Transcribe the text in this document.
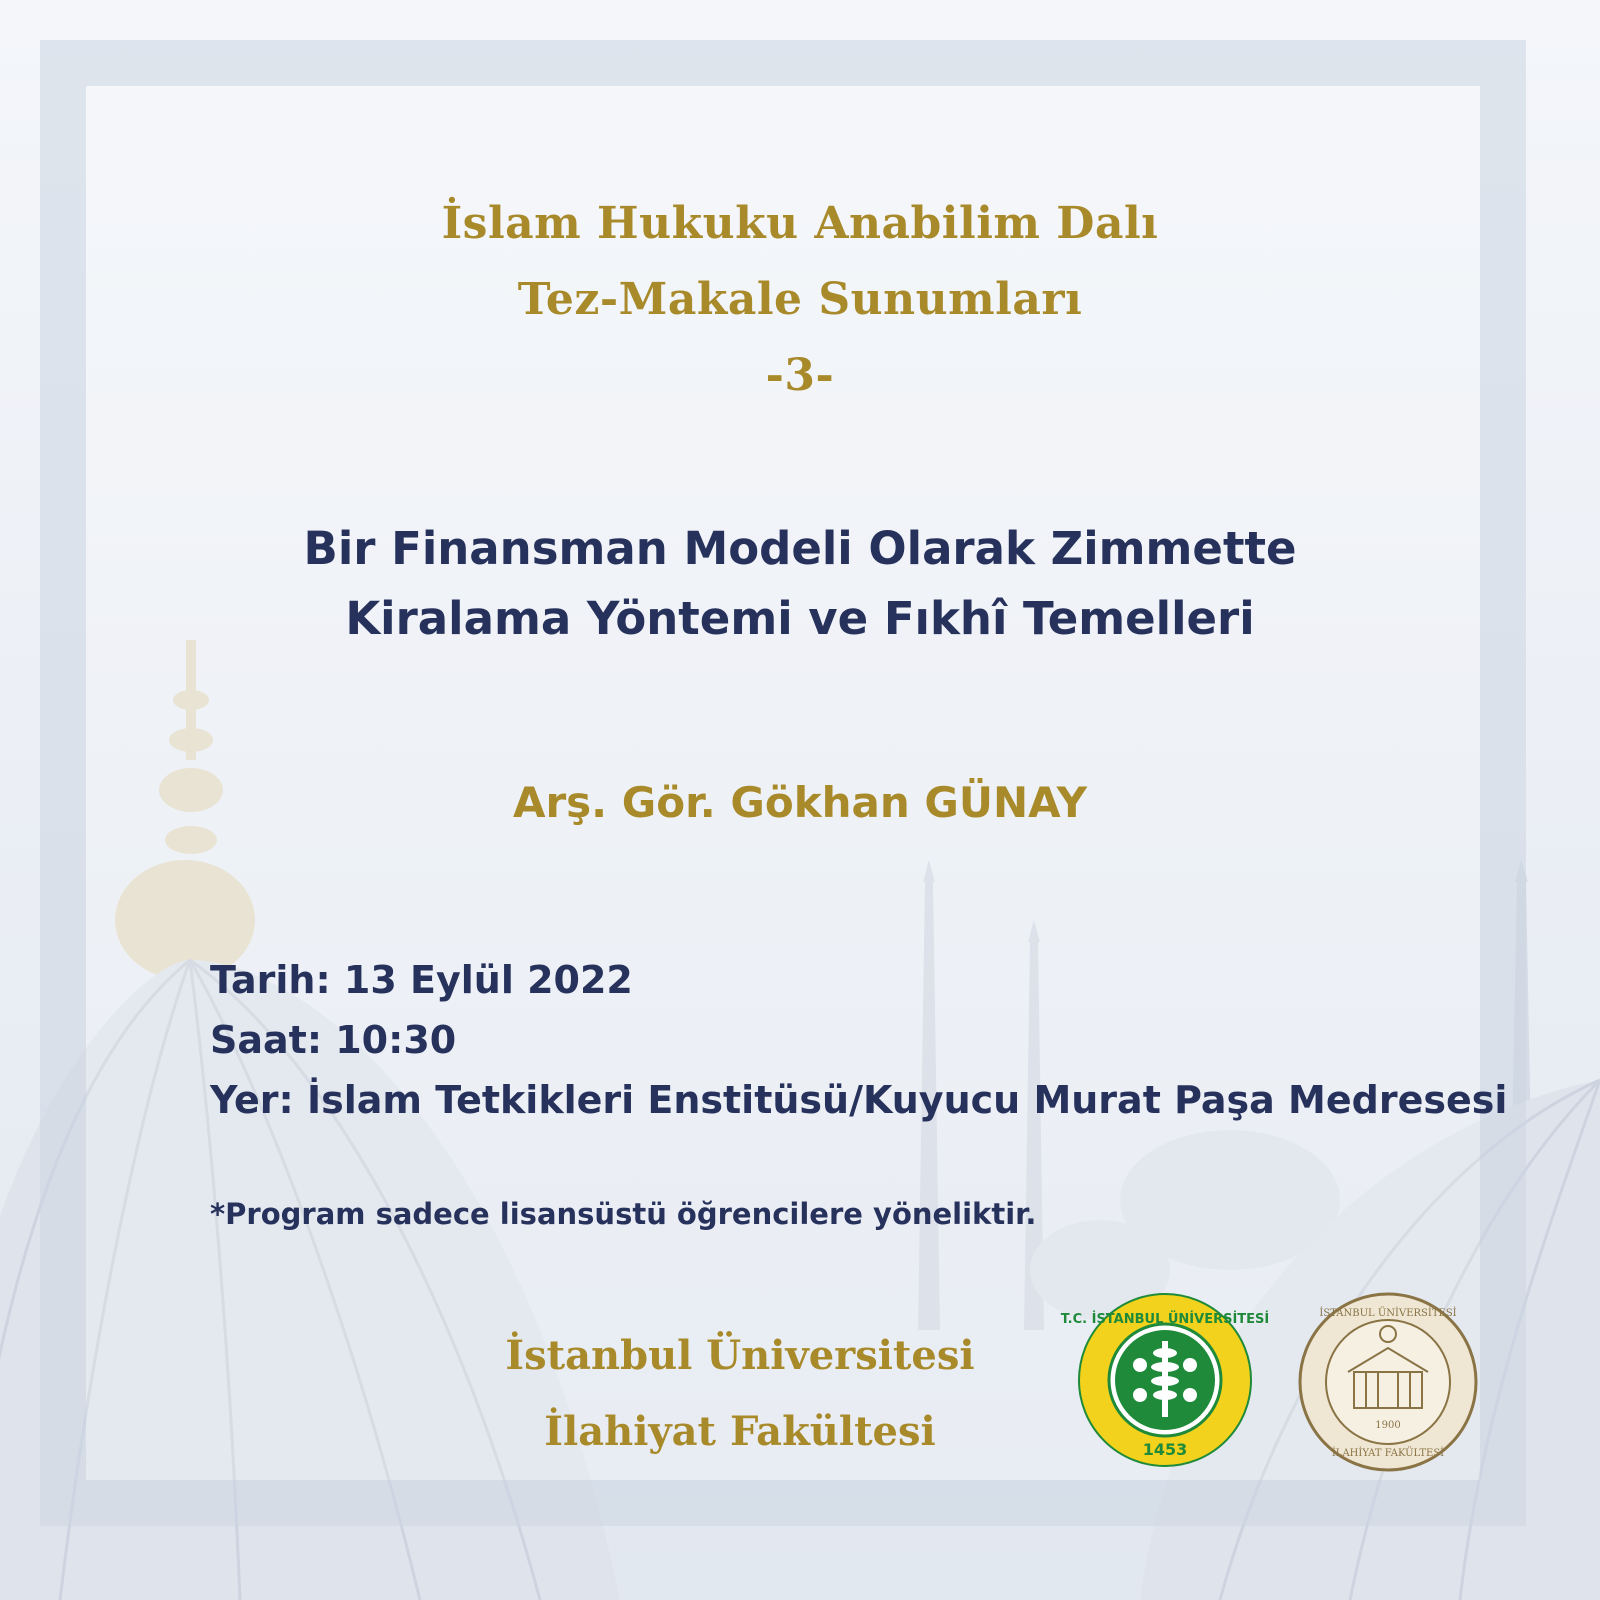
İslam Hukuku Anabilim Dalı
Tez-Makale Sunumları
-3-
Bir Finansman Modeli Olarak Zimmette
Kiralama Yöntemi ve Fıkhî Temelleri
Arş. Gör. Gökhan GÜNAY
Tarih: 13 Eylül 2022
Saat: 10:30
Yer: İslam Tetkikleri Enstitüsü/Kuyucu Murat Paşa Medresesi
*Program sadece lisansüstü öğrencilere yöneliktir.
İstanbul Üniversitesi
İlahiyat Fakültesi
T.C. İSTANBUL ÜNİVERSİTESİ
1453
İSTANBUL ÜNİVERSİTESİ
1900
İLAHİYAT FAKÜLTESİ
